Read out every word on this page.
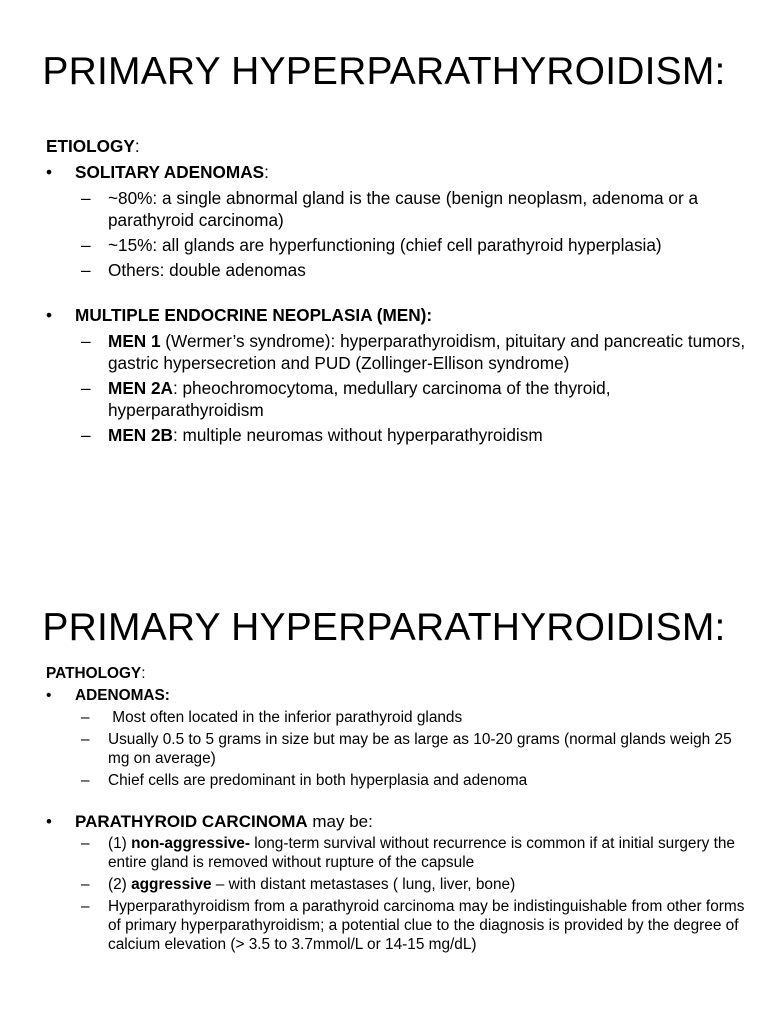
PRIMARY HYPERPARATHYROIDISM:

ETIOLOGY:

• SOLITARY ADENOMAS:
– ~80%: a single abnormal gland is the cause (benign neoplasm, adenoma or a parathyroid carcinoma)
– ~15%: all glands are hyperfunctioning (chief cell parathyroid hyperplasia)
– Others: double adenomas
• MULTIPLE ENDOCRINE NEOPLASIA (MEN):
– MEN 1 (Wermer’s syndrome): hyperparathyroidism, pituitary and pancreatic tumors, gastric hypersecretion and PUD (Zollinger-Ellison syndrome)
– MEN 2A: pheochromocytoma, medullary carcinoma of the thyroid, hyperparathyroidism
– MEN 2B: multiple neuromas without hyperparathyroidism
PRIMARY HYPERPARATHYROIDISM:

PATHOLOGY:

• ADENOMAS:
– Most often located in the inferior parathyroid glands
– Usually 0.5 to 5 grams in size but may be as large as 10-20 grams (normal glands weigh 25 mg on average)
– Chief cells are predominant in both hyperplasia and adenoma
• PARATHYROID CARCINOMA may be:
– (1) non-aggressive- long-term survival without recurrence is common if at initial surgery the entire gland is removed without rupture of the capsule
– (2) aggressive – with distant metastases ( lung, liver, bone)
– Hyperparathyroidism from a parathyroid carcinoma may be indistinguishable from other forms of primary hyperparathyroidism; a potential clue to the diagnosis is provided by the degree of calcium elevation (> 3.5 to 3.7mmol/L or 14-15 mg/dL)
